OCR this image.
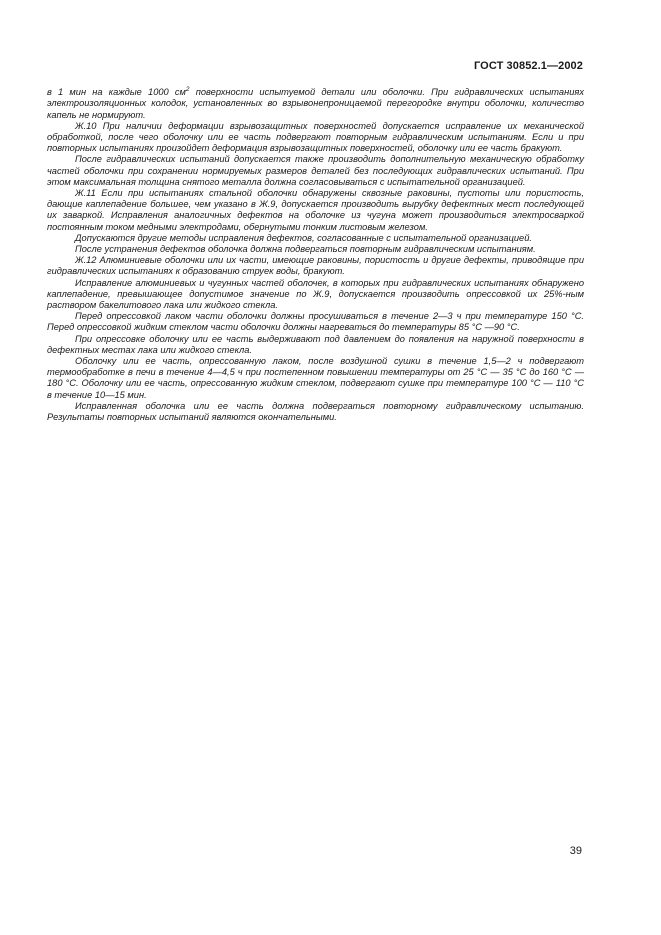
ГОСТ 30852.1—2002

в 1 мин на каждые 1000 $см^2$ поверхности испытуемой детали или оболочки. При гидравлических испытаниях электроизоляционных колодок, установленных во взрывонепроницаемой перегородке внутри оболочки, количество капель не нормируют.

Ж.10 При наличии деформации взрывозащитных поверхностей допускается исправление их механической обработкой, после чего оболочку или ее часть подвергают повторным гидравлическим испытаниям. Если и при повторных испытаниях произойдет деформация взрывозащитных поверхностей, оболочку или ее часть бракуют.

После гидравлических испытаний допускается также производить дополнительную механическую обработку частей оболочки при сохранении нормируемых размеров деталей без последующих гидравлических испытаний. При этом максимальная толщина снятого металла должна согласовываться с испытательной организацией.

Ж.11 Если при испытаниях стальной оболочки обнаружены сквозные раковины, пустоты или пористость, дающие каплепадение большее, чем указано в Ж.9, допускается производить вырубку дефектных мест последующей их заваркой. Исправления аналогичных дефектов на оболочке из чугуна может производиться электросваркой постоянным током медными электродами, обернутыми тонким листовым железом.

Допускаются другие методы исправления дефектов, согласованные с испытательной организацией.

После устранения дефектов оболочка должна подвергаться повторным гидравлическим испытаниям.

Ж.12 Алюминиевые оболочки или их части, имеющие раковины, пористость и другие дефекты, приводящие при гидравлических испытаниях к образованию струек воды, бракуют.

Исправление алюминиевых и чугунных частей оболочек, в которых при гидравлических испытаниях обнаружено каплепадение, превышающее допустимое значение по Ж.9, допускается производить опрессовкой их 25%-ным раствором бакелитового лака или жидкого стекла.

Перед опрессовкой лаком части оболочки должны просушиваться в течение 2—3 ч при температуре 150 °С. Перед опрессовкой жидким стеклом части оболочки должны нагреваться до температуры 85 °С —90 °С.

При опрессовке оболочку или ее часть выдерживают под давлением до появления на наружной поверхности в дефектных местах лака или жидкого стекла.

Оболочку или ее часть, опрессованную лаком, после воздушной сушки в течение 1,5—2 ч подвергают термообработке в печи в течение 4—4,5 ч при постепенном повышении температуры от 25 °С — 35 °С до 160 °С — 180 °С. Оболочку или ее часть, опрессованную жидким стеклом, подвергают сушке при температуре 100 °С — 110 °С в течение 10—15 мин.

Исправленная оболочка или ее часть должна подвергаться повторному гидравлическому испытанию. Результаты повторных испытаний являются окончательными.

39
